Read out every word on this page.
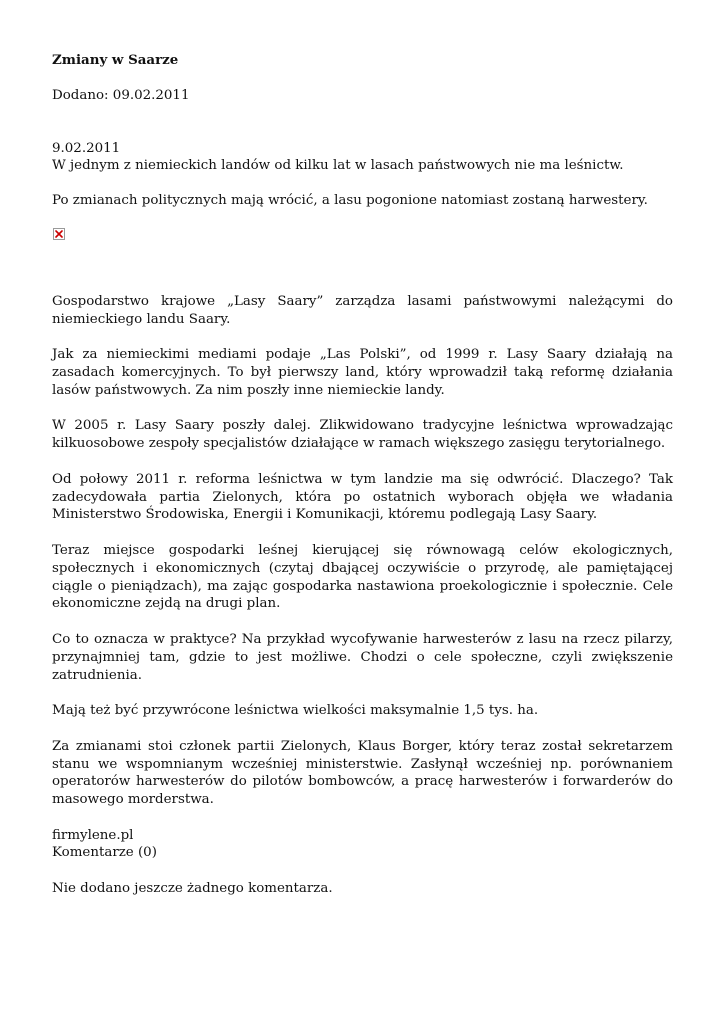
Zmiany w Saarze
Dodano: 09.02.2011
9.02.2011
W jednym z niemieckich landów od kilku lat w lasach państwowych nie ma leśnictw.

Po zmianach politycznych mają wrócić, a lasu pogonione natomiast zostaną harwestery.

Gospodarstwo krajowe „Lasy Saary” zarządza lasami państwowymi należącymi do niemieckiego landu Saary.

Jak za niemieckimi mediami podaje „Las Polski”, od 1999 r. Lasy Saary działają na zasadach komercyjnych. To był pierwszy land, który wprowadził taką reformę działania lasów państwowych. Za nim poszły inne niemieckie landy.

W 2005 r. Lasy Saary poszły dalej. Zlikwidowano tradycyjne leśnictwa wprowadzając kilkuosobowe zespoły specjalistów działające w ramach większego zasięgu terytorialnego.

Od połowy 2011 r. reforma leśnictwa w tym landzie ma się odwrócić. Dlaczego? Tak zadecydowała partia Zielonych, która po ostatnich wyborach objęła we władania Ministerstwo Środowiska, Energii i Komunikacji, któremu podlegają Lasy Saary.

Teraz miejsce gospodarki leśnej kierującej się równowagą celów ekologicznych, społecznych i ekonomicznych (czytaj dbającej oczywiście o przyrodę, ale pamiętającej ciągle o pieniądzach), ma zając gospodarka nastawiona proekologicznie i społecznie. Cele ekonomiczne zejdą na drugi plan.

Co to oznacza w praktyce? Na przykład wycofywanie harwesterów z lasu na rzecz pilarzy, przynajmniej tam, gdzie to jest możliwe. Chodzi o cele społeczne, czyli zwiększenie zatrudnienia.

Mają też być przywrócone leśnictwa wielkości maksymalnie 1,5 tys. ha.

Za zmianami stoi członek partii Zielonych, Klaus Borger, który teraz został sekretarzem stanu we wspomnianym wcześniej ministerstwie. Zasłynął wcześniej np. porównaniem operatorów harwesterów do pilotów bombowców, a pracę harwesterów i forwarderów do masowego morderstwa.

firmylene.pl
Komentarze (0)
Nie dodano jeszcze żadnego komentarza.
